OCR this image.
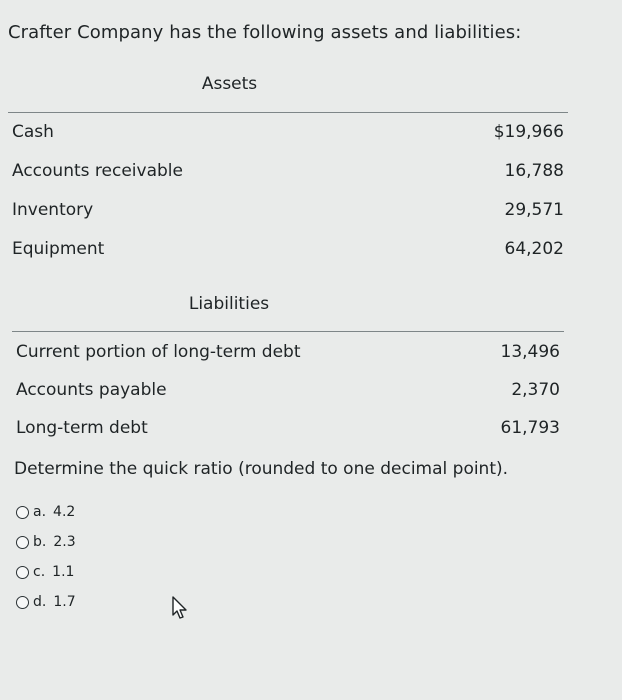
Crafter Company has the following assets and liabilities:
Assets
Cash	$19,966
Accounts receivable	16,788
Inventory	29,571
Equipment	64,202
Liabilities
Current portion of long-term debt	13,496
Accounts payable	2,370
Long-term debt	61,793
Determine the quick ratio (rounded to one decimal point).
a. 4.2
b. 2.3
c. 1.1
d. 1.7
